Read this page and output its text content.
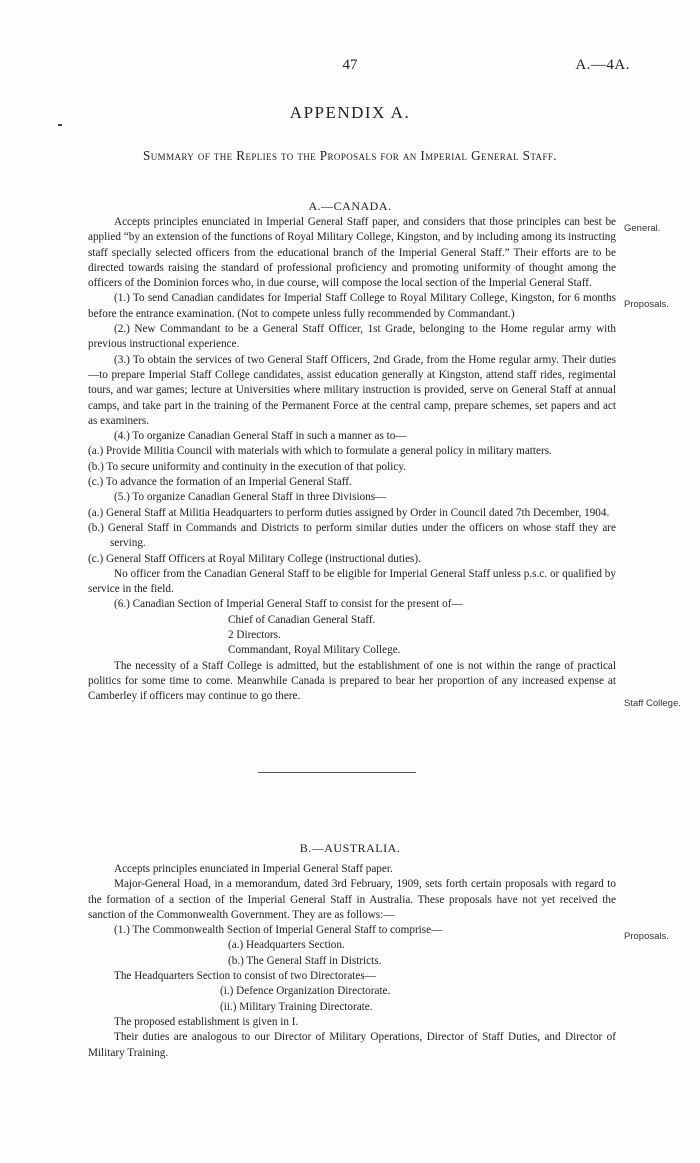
47	A.—4A.
APPENDIX A.
Summary of the Replies to the Proposals for an Imperial General Staff.
A.—CANADA.
General.
Proposals.
Staff College.

Accepts principles enunciated in Imperial General Staff paper, and considers that those principles can best be applied “by an extension of the functions of Royal Military College, Kingston, and by including among its instructing staff specially selected officers from the educational branch of the Imperial General Staff.” Their efforts are to be directed towards raising the standard of professional proficiency and promoting uniformity of thought among the officers of the Dominion forces who, in due course, will compose the local section of the Imperial General Staff.

(1.) To send Canadian candidates for Imperial Staff College to Royal Military College, Kingston, for 6 months before the entrance examination. (Not to compete unless fully recommended by Commandant.)

(2.) New Commandant to be a General Staff Officer, 1st Grade, belonging to the Home regular army with previous instructional experience.

(3.) To obtain the services of two General Staff Officers, 2nd Grade, from the Home regular army. Their duties—to prepare Imperial Staff College candidates, assist education generally at Kingston, attend staff rides, regimental tours, and war games; lecture at Universities where military instruction is provided, serve on General Staff at annual camps, and take part in the training of the Permanent Force at the central camp, prepare schemes, set papers and act as examiners.

(4.) To organize Canadian General Staff in such a manner as to—

(a.) Provide Militia Council with materials with which to formulate a general policy in military matters.

(b.) To secure uniformity and continuity in the execution of that policy.

(c.) To advance the formation of an Imperial General Staff.

(5.) To organize Canadian General Staff in three Divisions—

(a.) General Staff at Militia Headquarters to perform duties assigned by Order in Council dated 7th December, 1904.

(b.) General Staff in Commands and Districts to perform similar duties under the officers on whose staff they are serving.

(c.) General Staff Officers at Royal Military College (instructional duties).

No officer from the Canadian General Staff to be eligible for Imperial General Staff unless p.s.c. or qualified by service in the field.

(6.) Canadian Section of Imperial General Staff to consist for the present of—

Chief of Canadian General Staff.

2 Directors.

Commandant, Royal Military College.

The necessity of a Staff College is admitted, but the establishment of one is not within the range of practical politics for some time to come. Meanwhile Canada is prepared to bear her proportion of any increased expense at Camberley if officers may continue to go there.

B.—AUSTRALIA.
Proposals.

Accepts principles enunciated in Imperial General Staff paper.

Major-General Hoad, in a memorandum, dated 3rd February, 1909, sets forth certain proposals with regard to the formation of a section of the Imperial General Staff in Australia. These proposals have not yet received the sanction of the Commonwealth Government. They are as follows:—

(1.) The Commonwealth Section of Imperial General Staff to comprise—

(a.) Headquarters Section.

(b.) The General Staff in Districts.

The Headquarters Section to consist of two Directorates—

(i.) Defence Organization Directorate.

(ii.) Military Training Directorate.

The proposed establishment is given in I.

Their duties are analogous to our Director of Military Operations, Director of Staff Duties, and Director of Military Training.
